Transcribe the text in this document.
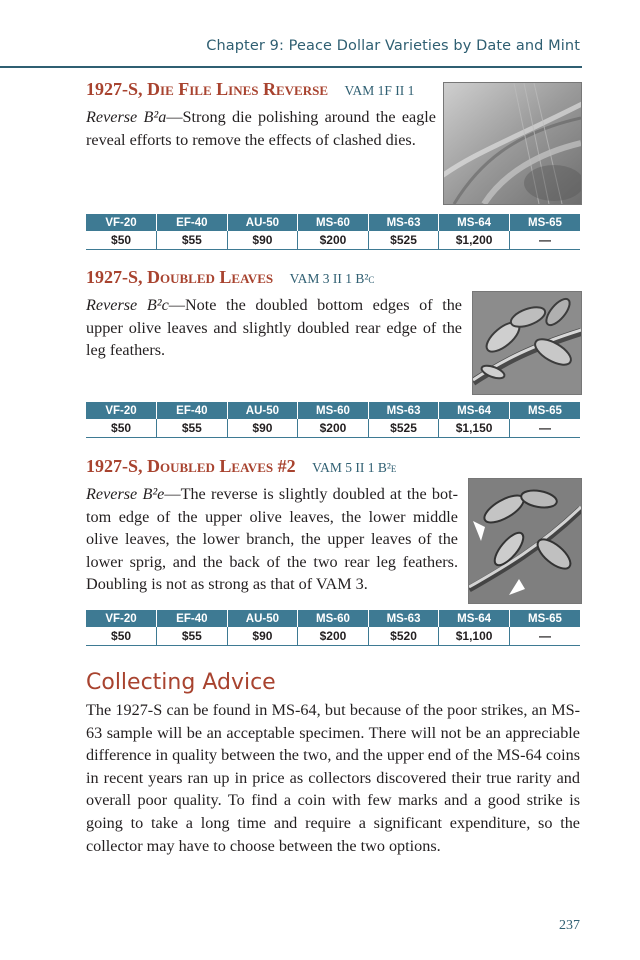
Chapter 9: Peace Dollar Varieties by Date and Mint
1927-S, Die File Lines Reverse VAM 1F II 1

Reverse B²a—Strong die polishing around the eagle reveal efforts to remove the effects of clashed dies.

VF-20	EF-40	AU-50	MS-60	MS-63	MS-64	MS-65
$50	$55	$90	$200	$525	$1,200	—
1927-S, Doubled Leaves VAM 3 II 1 B²c

Reverse B²c—Note the doubled bottom edges of the upper olive leaves and slightly doubled rear edge of the leg feathers.

VF-20	EF-40	AU-50	MS-60	MS-63	MS-64	MS-65
$50	$55	$90	$200	$525	$1,150	—
1927-S, Doubled Leaves #2 VAM 5 II 1 B²e

Reverse B²e—The reverse is slightly doubled at the bottom edge of the upper olive leaves, the lower middle olive leaves, the lower branch, the upper leaves of the lower sprig, and the back of the two rear leg feathers. Doubling is not as strong as that of VAM 3.

VF-20	EF-40	AU-50	MS-60	MS-63	MS-64	MS-65
$50	$55	$90	$200	$520	$1,100	—
Collecting Advice

The 1927-S can be found in MS-64, but because of the poor strikes, an MS-63 sample will be an acceptable specimen. There will not be an appreciable difference in quality between the two, and the upper end of the MS-64 coins in recent years ran up in price as collectors discovered their true rarity and overall poor quality. To find a coin with few marks and a good strike is going to take a long time and require a significant expenditure, so the collector may have to choose between the two options.

237
